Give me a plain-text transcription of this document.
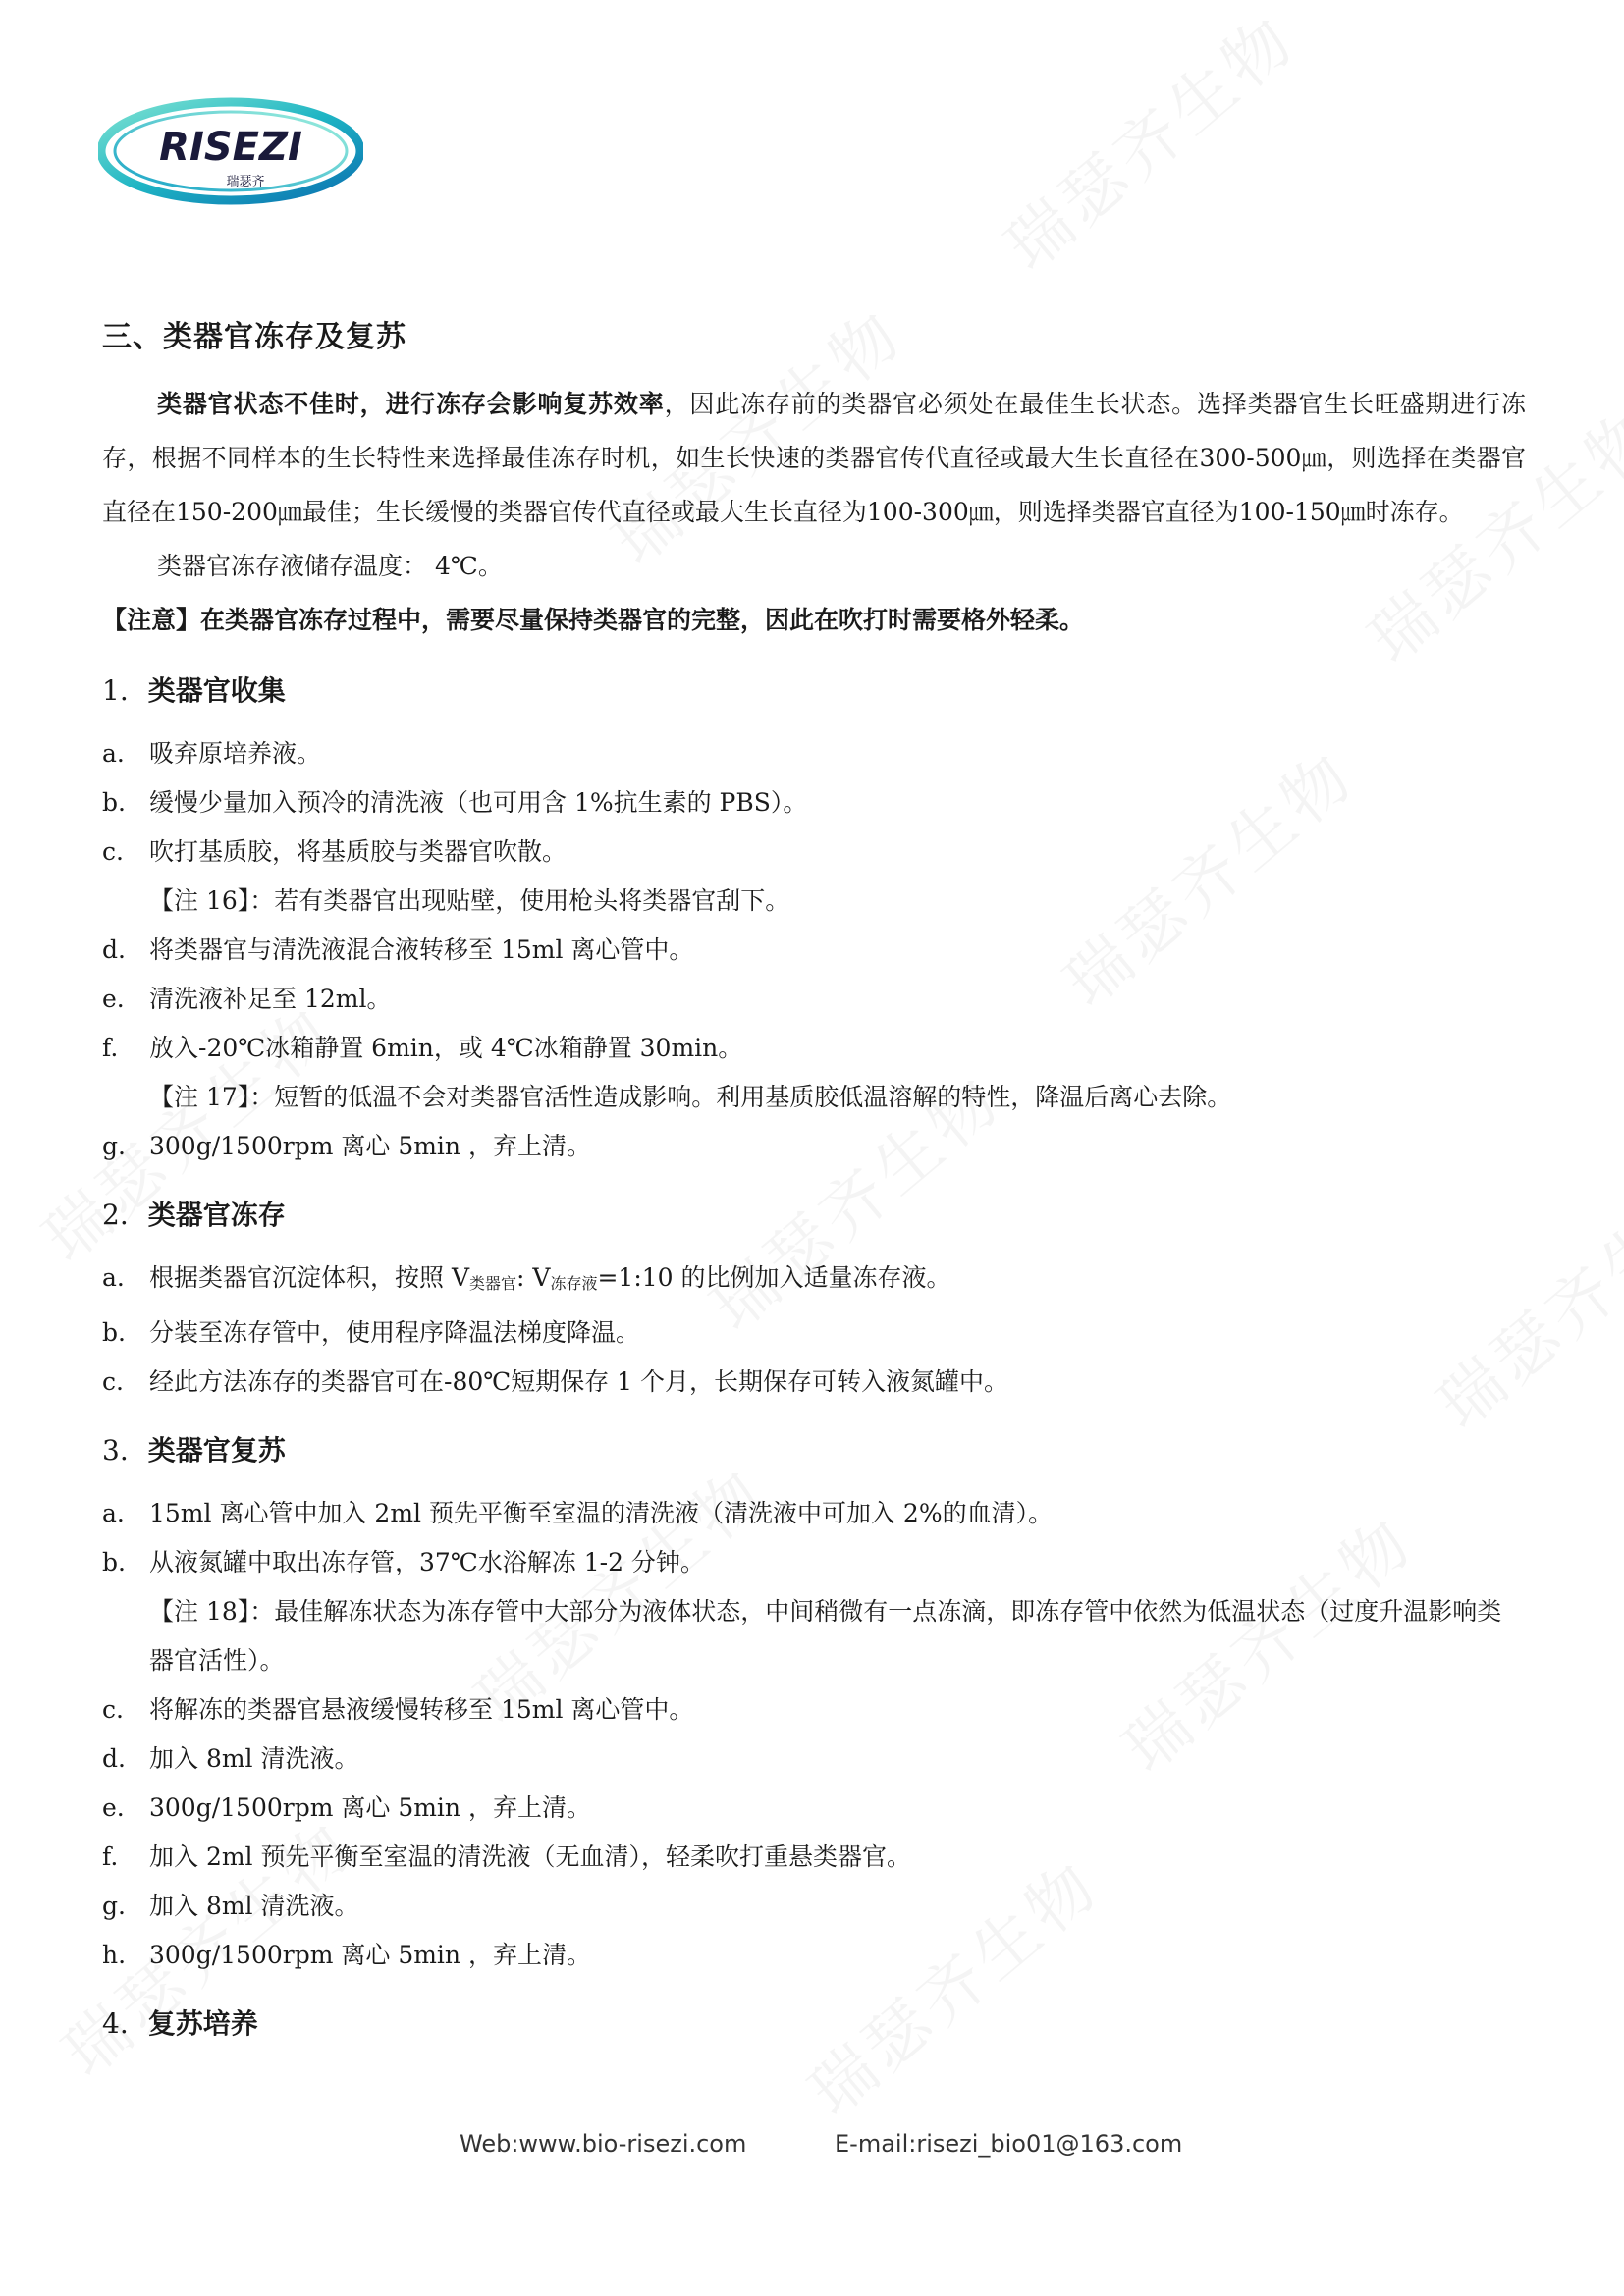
RISEZI
瑞瑟齐
三、类器官冻存及复苏

类器官状态不佳时，进行冻存会影响复苏效率，因此冻存前的类器官必须处在最佳生长状态。选择类器官生长旺盛期进行冻存，根据不同样本的生长特性来选择最佳冻存时机，如生长快速的类器官传代直径或最大生长直径在300-500㎛，则选择在类器官直径在150-200㎛最佳；生长缓慢的类器官传代直径或最大生长直径为100-300㎛，则选择类器官直径为100-150㎛时冻存。

类器官冻存液储存温度： 4℃。

【注意】在类器官冻存过程中，需要尽量保持类器官的完整，因此在吹打时需要格外轻柔。

1. 类器官收集
a.	吸弃原培养液。
b. 缓慢少量加入预冷的清洗液（也可用含 1%抗生素的 PBS）。
c.	吹打基质胶，将基质胶与类器官吹散。
【注 16】：若有类器官出现贴壁，使用枪头将类器官刮下。
d. 将类器官与清洗液混合液转移至 15ml 离心管中。
e.	清洗液补足至 12ml。
f.	放入-20℃冰箱静置 6min，或 4℃冰箱静置 30min。
【注 17】：短暂的低温不会对类器官活性造成影响。利用基质胶低温溶解的特性，降温后离心去除。
g. 300g/1500rpm 离心 5min ，弃上清。
2. 类器官冻存
a.	根据类器官沉淀体积，按照 $V_{类器官}$: $V_{冻存液}=1:10$ 的比例加入适量冻存液。
b. 分装至冻存管中，使用程序降温法梯度降温。
c.	经此方法冻存的类器官可在-80℃短期保存 1 个月，长期保存可转入液氮罐中。
3. 类器官复苏
a.	15ml 离心管中加入 2ml 预先平衡至室温的清洗液（清洗液中可加入 2%的血清）。
b. 从液氮罐中取出冻存管，37℃水浴解冻 1-2 分钟。
【注 18】：最佳解冻状态为冻存管中大部分为液体状态，中间稍微有一点冻滴，即冻存管中依然为低温状态（过度升温影响类器官活性）。
c.	将解冻的类器官悬液缓慢转移至 15ml 离心管中。
d. 加入 8ml 清洗液。
e.	300g/1500rpm 离心 5min ，弃上清。
f.	加入 2ml 预先平衡至室温的清洗液（无血清），轻柔吹打重悬类器官。
g. 加入 8ml 清洗液。
h. 300g/1500rpm 离心 5min ，弃上清。
4. 复苏培养
Web:www.bio-risezi.com	E-mail:risezi_bio01@163.com
